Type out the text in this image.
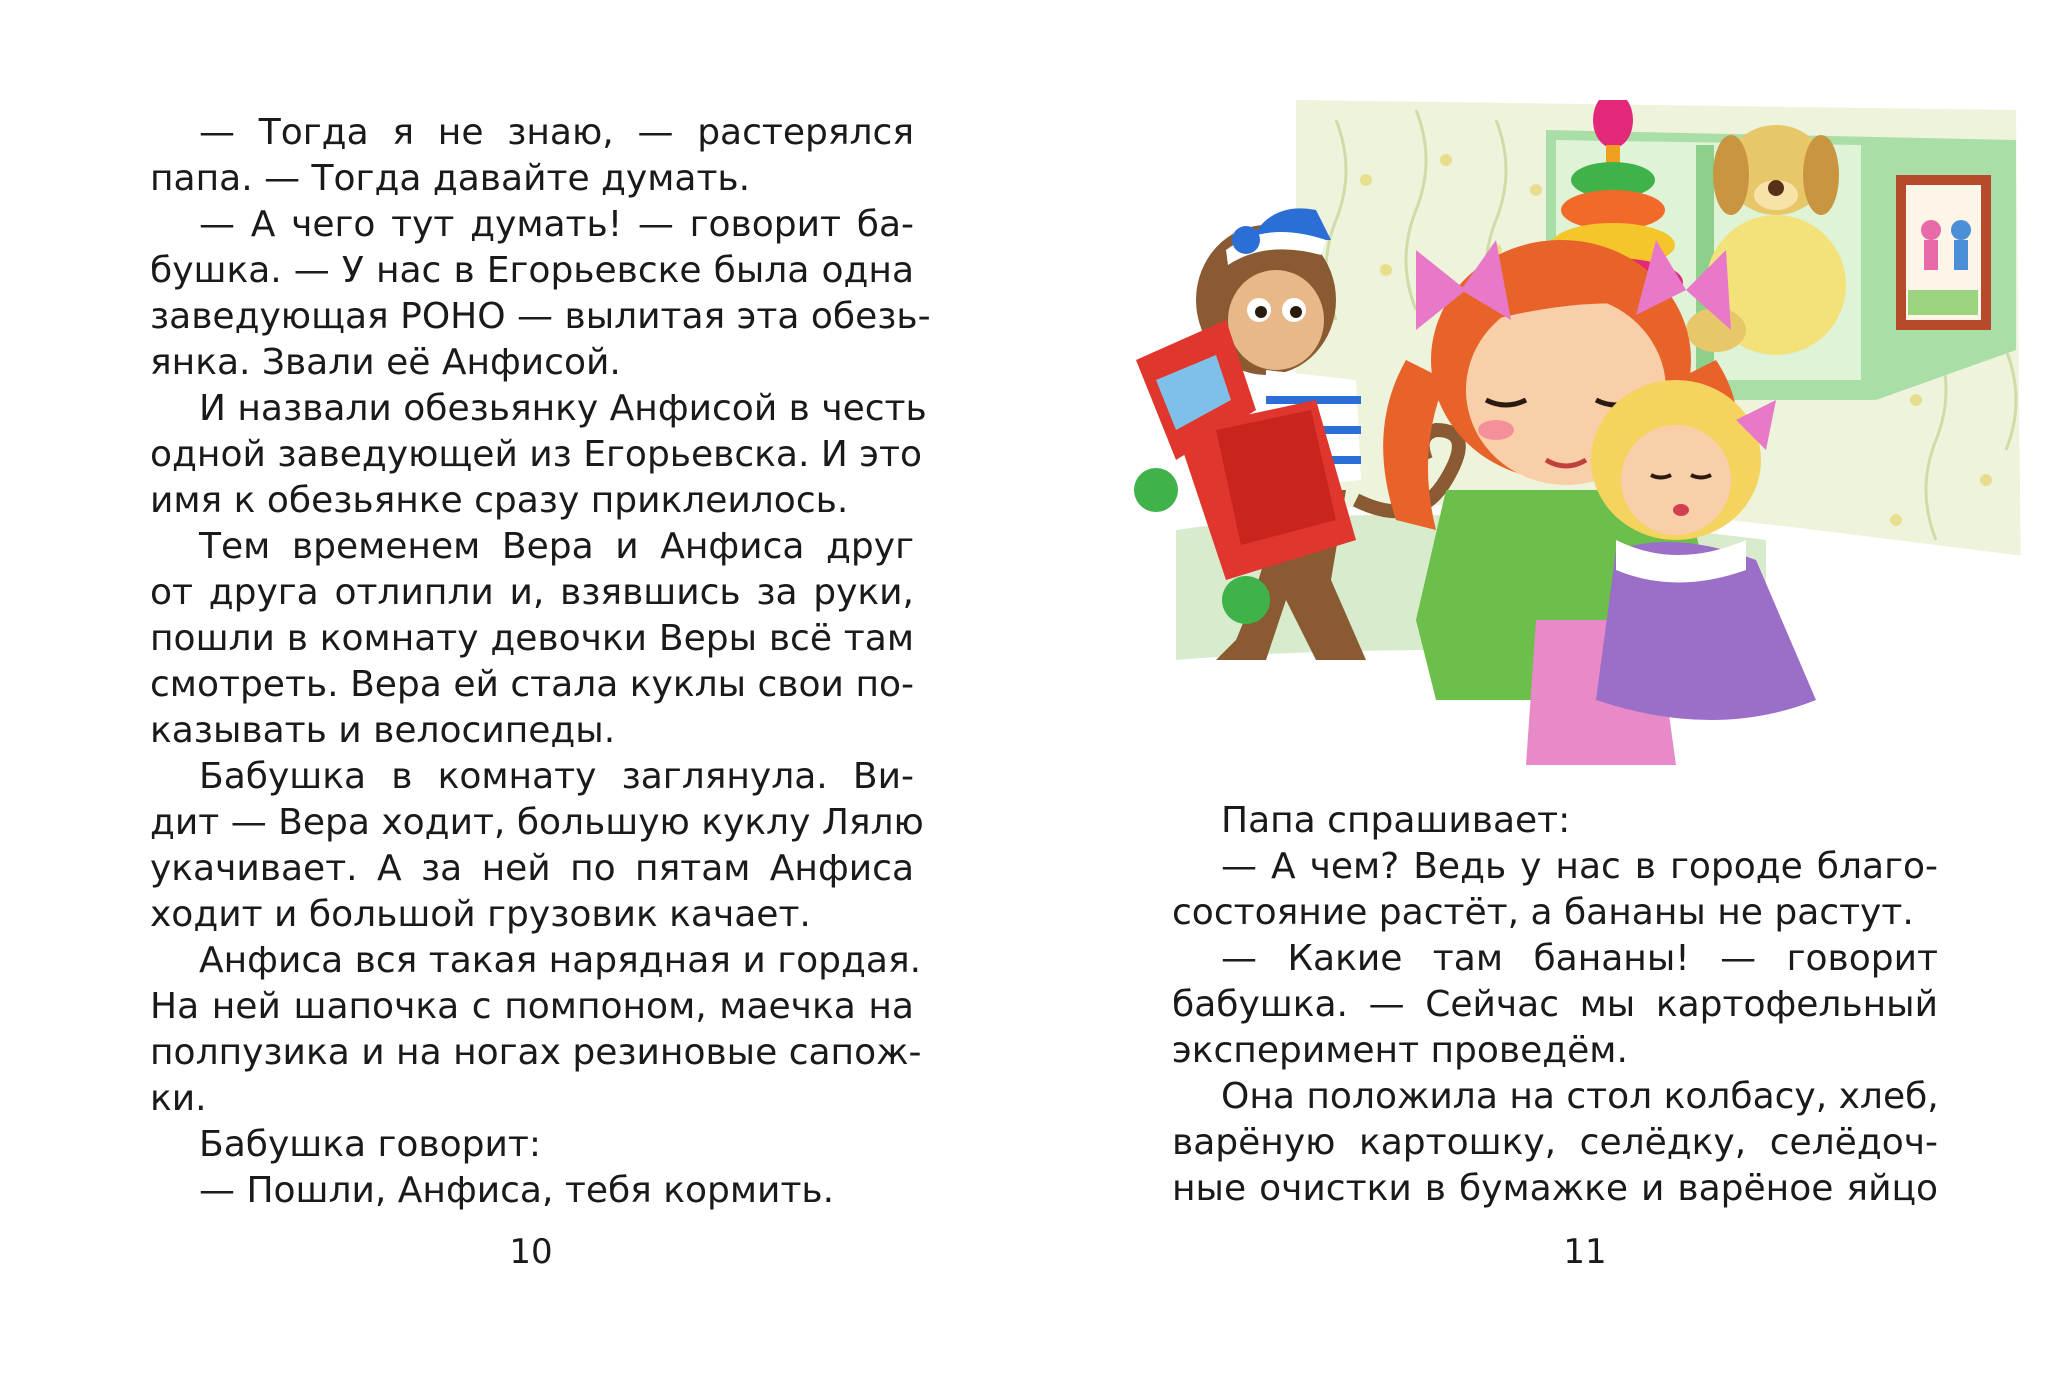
— Тогда я не знаю, — растерялся
папа. — Тогда давайте думать.
— А чего тут думать! — говорит ба-
бушка. — У нас в Егорьевске была одна
заведующая РОНО — вылитая эта обезь-
янка. Звали её Анфисой.
И назвали обезьянку Анфисой в честь
одной заведующей из Егорьевска. И это
имя к обезьянке сразу приклеилось.
Тем временем Вера и Анфиса друг
от друга отлипли и, взявшись за руки,
пошли в комнату девочки Веры всё там
смотреть. Вера ей стала куклы свои по-
казывать и велосипеды.
Бабушка в комнату заглянула. Ви-
дит — Вера ходит, большую куклу Лялю
укачивает. А за ней по пятам Анфиса
ходит и большой грузовик качает.
Анфиса вся такая нарядная и гордая.
На ней шапочка с помпоном, маечка на
полпузика и на ногах резиновые сапож-
ки.
Бабушка говорит:
— Пошли, Анфиса, тебя кормить.
10
Папа спрашивает:
— А чем? Ведь у нас в городе благо-
состояние растёт, а бананы не растут.
— Какие там бананы! — говорит
бабушка. — Сейчас мы картофельный
эксперимент проведём.
Она положила на стол колбасу, хлеб,
варёную картошку, селёдку, селёдоч-
ные очистки в бумажке и варёное яйцо
11
